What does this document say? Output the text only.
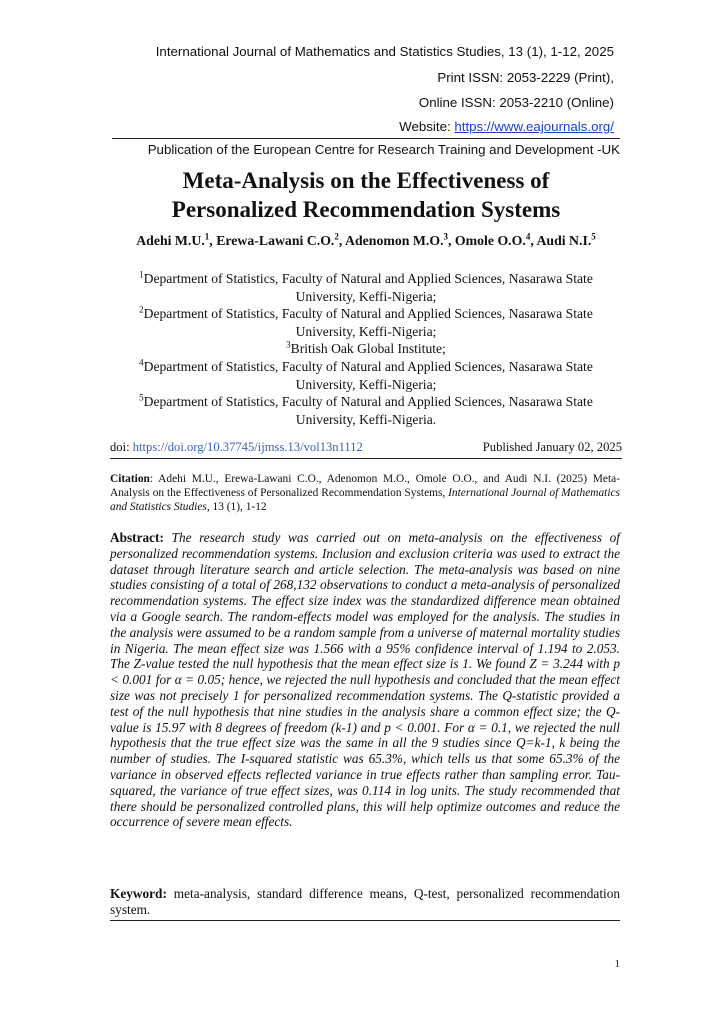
International Journal of Mathematics and Statistics Studies, 13 (1), 1-12, 2025
Print ISSN: 2053-2229 (Print),
Online ISSN: 2053-2210 (Online)
Website: https://www.eajournals.org/
Publication of the European Centre for Research Training and Development -UK
Meta-Analysis on the Effectiveness of
Personalized Recommendation Systems
Adehi M.U.$^1$, Erewa-Lawani C.O.$^2$, Adenomon M.O.$^3$, Omole O.O.$^4$, Audi N.I.$^5$
$^1$Department of Statistics, Faculty of Natural and Applied Sciences, Nasarawa State University, Keffi-Nigeria;
$^2$Department of Statistics, Faculty of Natural and Applied Sciences, Nasarawa State University, Keffi-Nigeria;
$^3$British Oak Global Institute;
$^4$Department of Statistics, Faculty of Natural and Applied Sciences, Nasarawa State University, Keffi-Nigeria;
$^5$Department of Statistics, Faculty of Natural and Applied Sciences, Nasarawa State University, Keffi-Nigeria.
doi: https://doi.org/10.37745/ijmss.13/vol13n1112	Published January 02, 2025
Citation: Adehi M.U., Erewa-Lawani C.O., Adenomon M.O., Omole O.O., and Audi N.I. (2025) Meta-Analysis on the Effectiveness of Personalized Recommendation Systems, International Journal of Mathematics and Statistics Studies, 13 (1), 1-12
Abstract: The research study was carried out on meta-analysis on the effectiveness of personalized recommendation systems. Inclusion and exclusion criteria was used to extract the dataset through literature search and article selection. The meta-analysis was based on nine studies consisting of a total of 268,132 observations to conduct a meta-analysis of personalized recommendation systems. The effect size index was the standardized difference mean obtained via a Google search. The random-effects model was employed for the analysis. The studies in the analysis were assumed to be a random sample from a universe of maternal mortality studies in Nigeria. The mean effect size was 1.566 with a 95% confidence interval of 1.194 to 2.053. The Z-value tested the null hypothesis that the mean effect size is 1. We found Z = 3.244 with p < 0.001 for α = 0.05; hence, we rejected the null hypothesis and concluded that the mean effect size was not precisely 1 for personalized recommendation systems. The Q-statistic provided a test of the null hypothesis that nine studies in the analysis share a common effect size; the Q-value is 15.97 with 8 degrees of freedom (k-1) and p < 0.001. For α = 0.1, we rejected the null hypothesis that the true effect size was the same in all the 9 studies since Q=k-1, k being the number of studies. The I-squared statistic was 65.3%, which tells us that some 65.3% of the variance in observed effects reflected variance in true effects rather than sampling error. Tau-squared, the variance of true effect sizes, was 0.114 in log units. The study recommended that there should be personalized controlled plans, this will help optimize outcomes and reduce the occurrence of severe mean effects.
Keyword: meta-analysis, standard difference means, Q-test, personalized recommendation system.
1
